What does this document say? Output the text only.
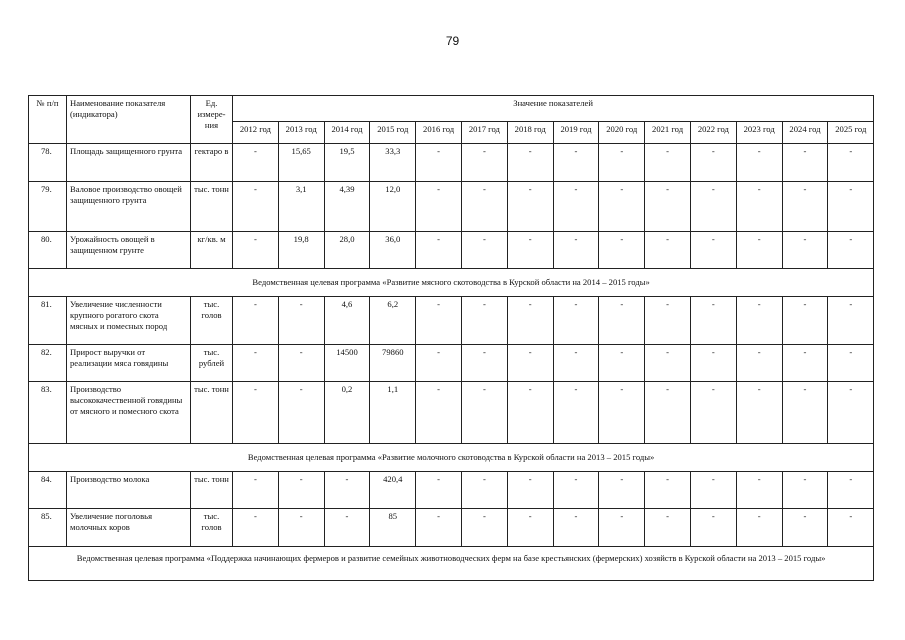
79
№ п/п	Наименование показателя (индикатора)	Ед. измере-ния	Значение показателей													
			2012 год	2013 год	2014 год	2015 год	2016 год	2017 год	2018 год	2019 год	2020 год	2021 год	2022 год	2023 год	2024 год	2025 год
78.	Площадь защищенного грунта	гектаро в	-	15,65	19,5	33,3	-	-	-	-	-	-	-	-	-	-
79.	Валовое производство овощей защищенного грунта	тыс. тонн	-	3,1	4,39	12,0	-	-	-	-	-	-	-	-	-	-
80.	Урожайность овощей в защищенном грунте	кг/кв. м	-	19,8	28,0	36,0	-	-	-	-	-	-	-	-	-	-
Ведомственная целевая программа «Развитие мясного скотоводства в Курской области на 2014 – 2015 годы»																
81.	Увеличение численности крупного рогатого скота мясных и помесных пород	тыс. голов	-	-	4,6	6,2	-	-	-	-	-	-	-	-	-	-
82.	Прирост выручки от реализации мяса говядины	тыс. рублей	-	-	14500	79860	-	-	-	-	-	-	-	-	-	-
83.	Производство высококачественной говядины от мясного и помесного скота	тыс. тонн	-	-	0,2	1,1	-	-	-	-	-	-	-	-	-	-
Ведомственная целевая программа «Развитие молочного скотоводства в Курской области на 2013 – 2015 годы»																
84.	Производство молока	тыс. тонн	-	-	-	420,4	-	-	-	-	-	-	-	-	-	-
85.	Увеличение поголовья молочных коров	тыс. голов	-	-	-	85	-	-	-	-	-	-	-	-	-	-
Ведомственная целевая программа «Поддержка начинающих фермеров и развитие семейных животноводческих ферм на базе крестьянских (фермерских) хозяйств в Курской области на 2013 – 2015 годы»																
